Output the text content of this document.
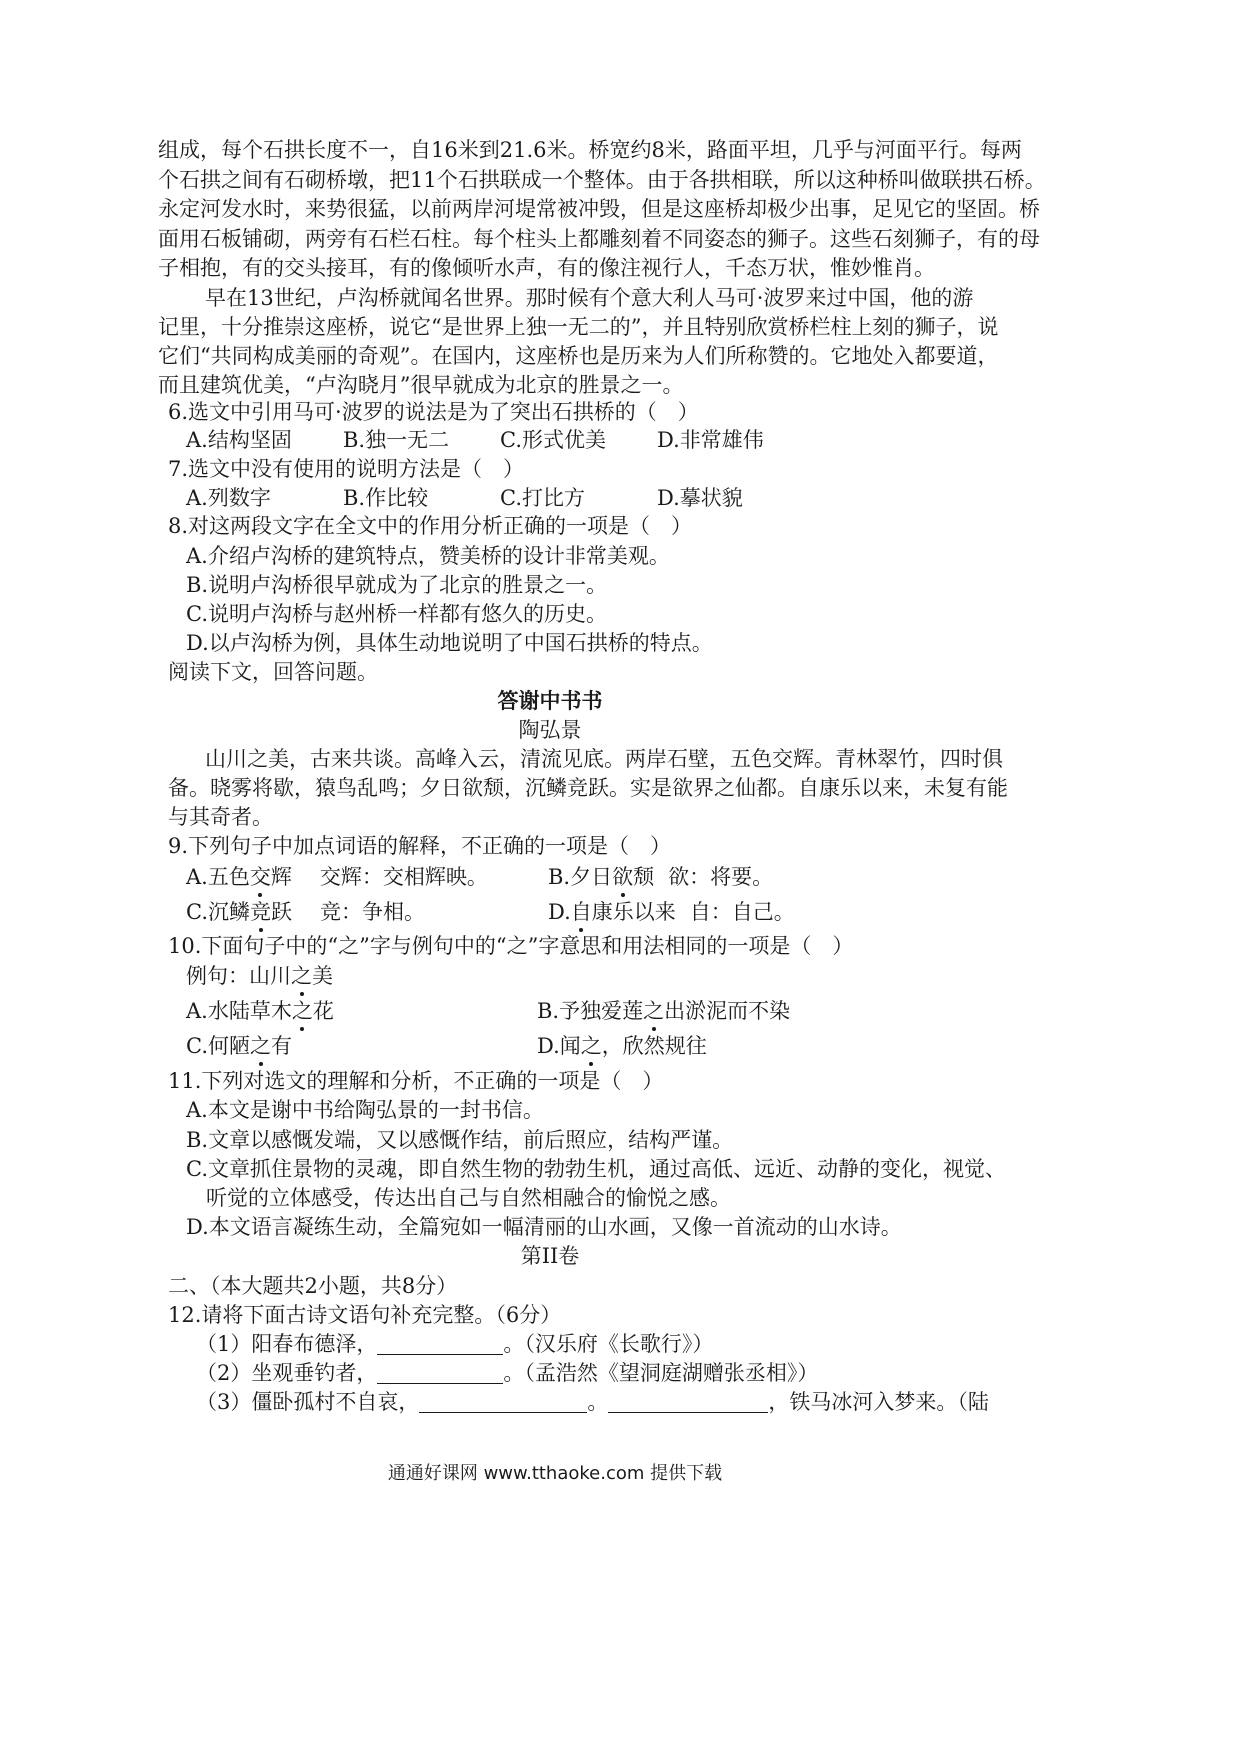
组成，每个石拱长度不一，自16米到21.6米。桥宽约8米，路面平坦，几乎与河面平行。每两
个石拱之间有石砌桥墩，把11个石拱联成一个整体。由于各拱相联，所以这种桥叫做联拱石桥。
永定河发水时，来势很猛，以前两岸河堤常被冲毁，但是这座桥却极少出事，足见它的坚固。桥
面用石板铺砌，两旁有石栏石柱。每个柱头上都雕刻着不同姿态的狮子。这些石刻狮子，有的母
子相抱，有的交头接耳，有的像倾听水声，有的像注视行人，千态万状，惟妙惟肖。
早在13世纪，卢沟桥就闻名世界。那时候有个意大利人马可·波罗来过中国，他的游
记里，十分推崇这座桥，说它“是世界上独一无二的”，并且特别欣赏桥栏柱上刻的狮子，说
它们“共同构成美丽的奇观”。在国内，这座桥也是历来为人们所称赞的。它地处入都要道，
而且建筑优美，“卢沟晓月”很早就成为北京的胜景之一。
6.选文中引用马可·波罗的说法是为了突出石拱桥的（　）
A.结构坚固 B.独一无二 C.形式优美 D.非常雄伟
7.选文中没有使用的说明方法是（　）
A.列数字	B.作比较	C.打比方	D.摹状貌
8.对这两段文字在全文中的作用分析正确的一项是（　）
A.介绍卢沟桥的建筑特点，赞美桥的设计非常美观。
B.说明卢沟桥很早就成为了北京的胜景之一。
C.说明卢沟桥与赵州桥一样都有悠久的历史。
D.以卢沟桥为例，具体生动地说明了中国石拱桥的特点。
阅读下文，回答问题。
答谢中书书
陶弘景
山川之美，古来共谈。高峰入云，清流见底。两岸石壁，五色交辉。青林翠竹，四时俱
备。晓雾将歇，猿鸟乱鸣；夕日欲颓，沉鳞竞跃。实是欲界之仙都。自康乐以来，未复有能
与其奇者。
9.下列句子中加点词语的解释，不正确的一项是（　）
A.五色交辉 交辉：交相辉映。	B.夕日欲颓 欲：将要。
C.沉鳞竞跃 竞：争相。	D.自康乐以来 自：自己。
10.下面句子中的“之”字与例句中的“之”字意思和用法相同的一项是（　）
例句：山川之美
A.水陆草木之花	B.予独爱莲之出淤泥而不染
C.何陋之有	D.闻之，欣然规往
11.下列对选文的理解和分析，不正确的一项是（　）
A.本文是谢中书给陶弘景的一封书信。
B.文章以感慨发端，又以感慨作结，前后照应，结构严谨。
C.文章抓住景物的灵魂，即自然生物的勃勃生机，通过高低、远近、动静的变化，视觉、
听觉的立体感受，传达出自己与自然相融合的愉悦之感。
D.本文语言凝练生动，全篇宛如一幅清丽的山水画，又像一首流动的山水诗。
第II卷
二、（本大题共2小题，共8分）
12.请将下面古诗文语句补充完整。（6分）
（1）阳春布德泽，	。（汉乐府《长歌行》）
（2）坐观垂钓者，	。（孟浩然《望洞庭湖赠张丞相》）
（3）僵卧孤村不自哀，	。	，铁马冰河入梦来。（陆
通通好课网 www.tthaoke.com 提供下载
